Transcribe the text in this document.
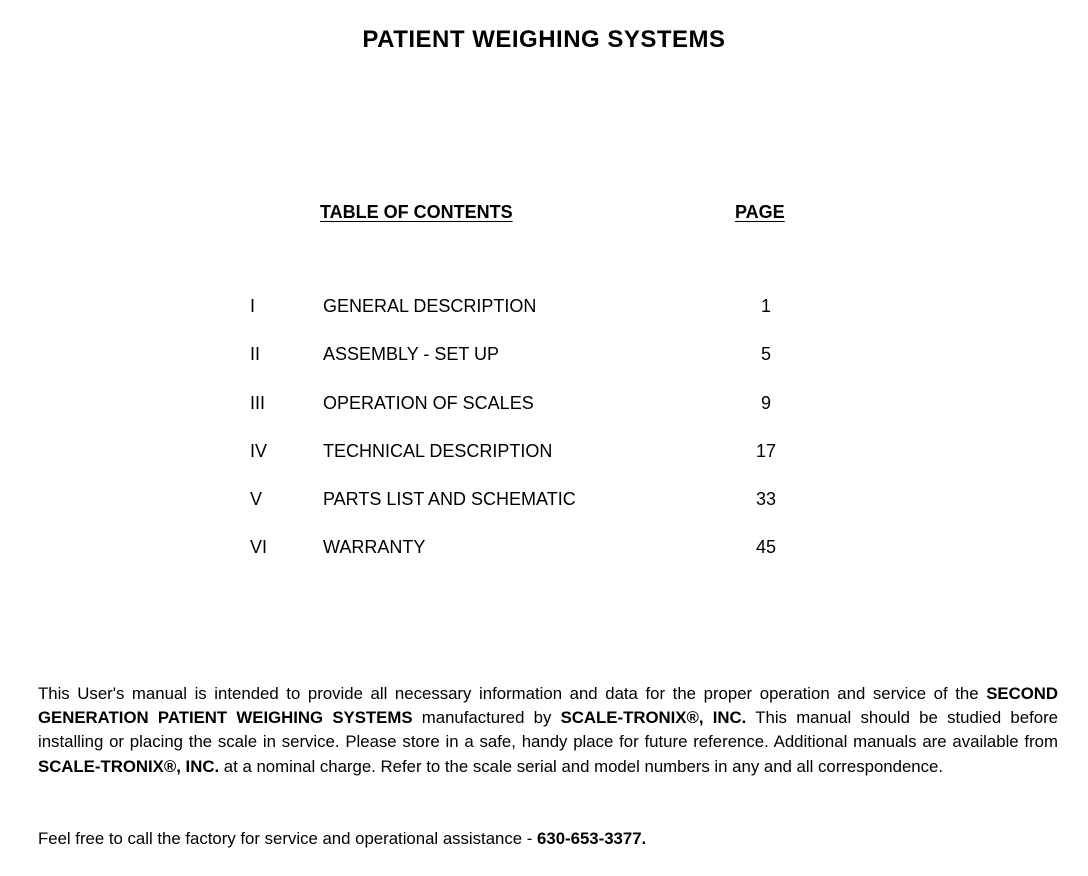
PATIENT WEIGHING SYSTEMS
TABLE OF CONTENTS	PAGE
I	GENERAL DESCRIPTION	1
II	ASSEMBLY - SET UP	5
III	OPERATION OF SCALES	9
IV	TECHNICAL DESCRIPTION	17
V	PARTS LIST AND SCHEMATIC	33
VI	WARRANTY	45
This User's manual is intended to provide all necessary information and data for the proper operation and service of the SECOND GENERATION PATIENT WEIGHING SYSTEMS manufactured by SCALE-TRONIX®, INC. This manual should be studied before installing or placing the scale in service. Please store in a safe, handy place for future reference. Additional manuals are available from SCALE-TRONIX®, INC. at a nominal charge. Refer to the scale serial and model numbers in any and all correspondence.
Feel free to call the factory for service and operational assistance - 630-653-3377.
